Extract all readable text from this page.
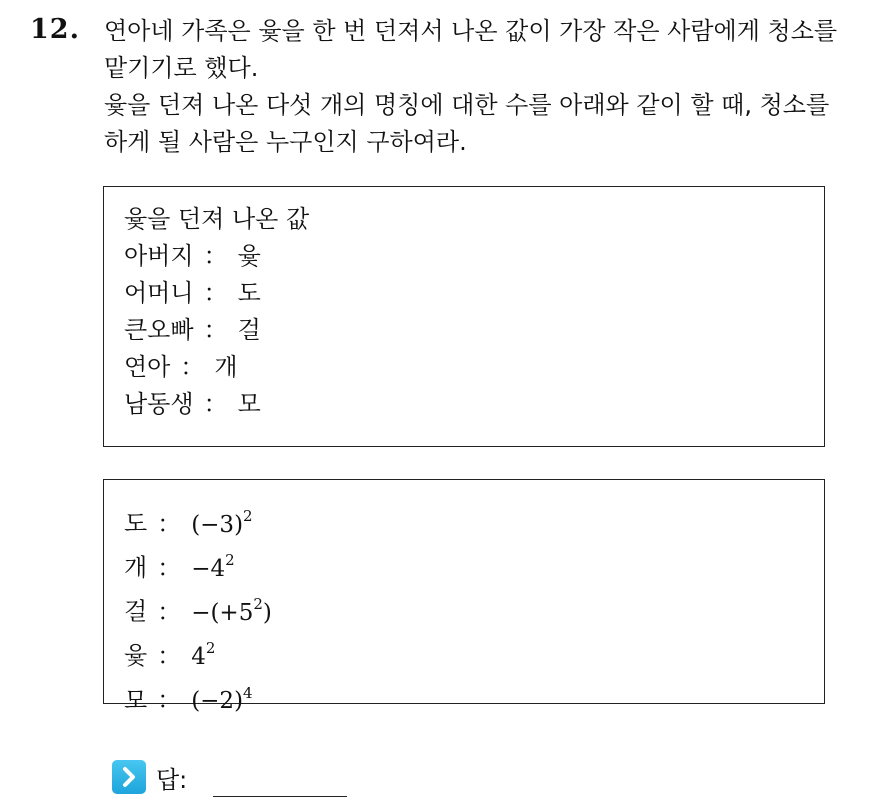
12. 연아네 가족은 윷을 한 번 던져서 나온 값이 가장 작은 사람에게 청소를

맡기기로 했다.

윷을 던져 나온 다섯 개의 명칭에 대한 수를 아래와 같이 할 때, 청소를

하게 될 사람은 누구인지 구하여라.

윷을 던져 나온 값
아버지 ： 윷
어머니 ： 도
큰오빠 ： 걸
연아 ： 개
남동생 ： 모
도 ： $(-3)^2$
개 ： $-4^2$
걸 ： $-(+5^2)$
윷 ： $4^2$
모 ： $(-2)^4$
답:
